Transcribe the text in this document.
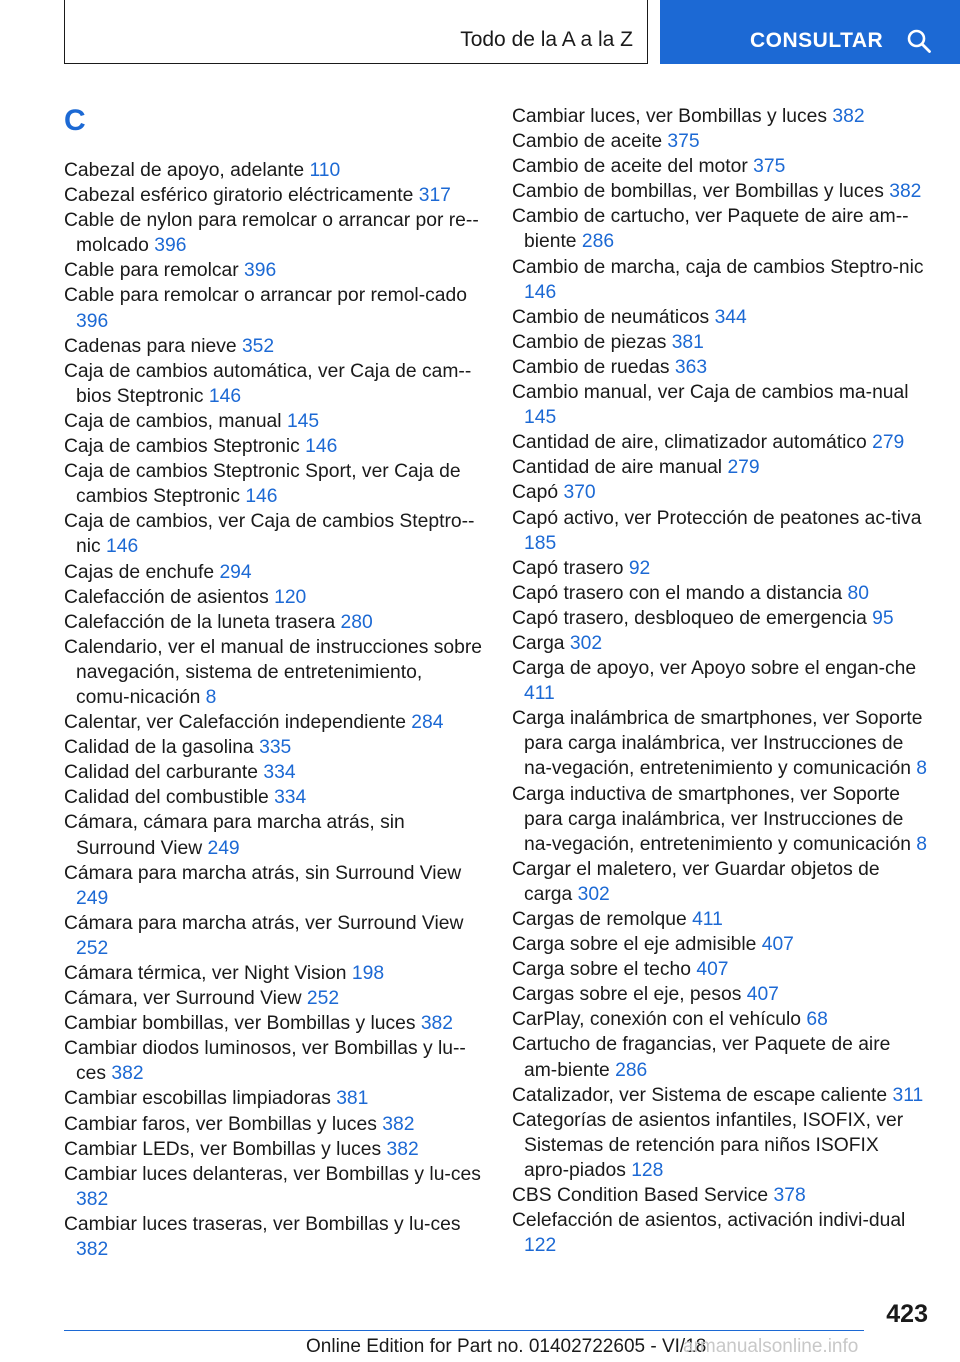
Todo de la A a la Z	CONSULTAR
C
Cabezal de apoyo, adelante 110
Cabezal esférico giratorio eléctricamente 317
Cable de nylon para remolcar o arrancar por re-molcado 396
Cable para remolcar 396
Cable para remolcar o arrancar por remol-cado 396
Cadenas para nieve 352
Caja de cambios automática, ver Caja de cam-bios Steptronic 146
Caja de cambios, manual 145
Caja de cambios Steptronic 146
Caja de cambios Steptronic Sport, ver Caja de cambios Steptronic 146
Caja de cambios, ver Caja de cambios Steptro-nic 146
Cajas de enchufe 294
Calefacción de asientos 120
Calefacción de la luneta trasera 280
Calendario, ver el manual de instrucciones sobre navegación, sistema de entretenimiento, comu-nicación 8
Calentar, ver Calefacción independiente 284
Calidad de la gasolina 335
Calidad del carburante 334
Calidad del combustible 334
Cámara, cámara para marcha atrás, sin Surround View 249
Cámara para marcha atrás, sin Surround View 249
Cámara para marcha atrás, ver Surround View 252
Cámara térmica, ver Night Vision 198
Cámara, ver Surround View 252
Cambiar bombillas, ver Bombillas y luces 382
Cambiar diodos luminosos, ver Bombillas y lu-ces 382
Cambiar escobillas limpiadoras 381
Cambiar faros, ver Bombillas y luces 382
Cambiar LEDs, ver Bombillas y luces 382
Cambiar luces delanteras, ver Bombillas y lu-ces 382
Cambiar luces traseras, ver Bombillas y lu-ces 382
Cambiar luces, ver Bombillas y luces 382
Cambio de aceite 375
Cambio de aceite del motor 375
Cambio de bombillas, ver Bombillas y luces 382
Cambio de cartucho, ver Paquete de aire am-biente 286
Cambio de marcha, caja de cambios Steptro-nic 146
Cambio de neumáticos 344
Cambio de piezas 381
Cambio de ruedas 363
Cambio manual, ver Caja de cambios ma-nual 145
Cantidad de aire, climatizador automático 279
Cantidad de aire manual 279
Capó 370
Capó activo, ver Protección de peatones ac-tiva 185
Capó trasero 92
Capó trasero con el mando a distancia 80
Capó trasero, desbloqueo de emergencia 95
Carga 302
Carga de apoyo, ver Apoyo sobre el engan-che 411
Carga inalámbrica de smartphones, ver Soporte para carga inalámbrica, ver Instrucciones de na-vegación, entretenimiento y comunicación 8
Carga inductiva de smartphones, ver Soporte para carga inalámbrica, ver Instrucciones de na-vegación, entretenimiento y comunicación 8
Cargar el maletero, ver Guardar objetos de carga 302
Cargas de remolque 411
Carga sobre el eje admisible 407
Carga sobre el techo 407
Cargas sobre el eje, pesos 407
CarPlay, conexión con el vehículo 68
Cartucho de fragancias, ver Paquete de aire am-biente 286
Catalizador, ver Sistema de escape caliente 311
Categorías de asientos infantiles, ISOFIX, ver Sistemas de retención para niños ISOFIX apro-piados 128
CBS Condition Based Service 378
Celefacción de asientos, activación indivi-dual 122
423
Online Edition for Part no. 01402722605 - VI/18
armanualsonline.info
